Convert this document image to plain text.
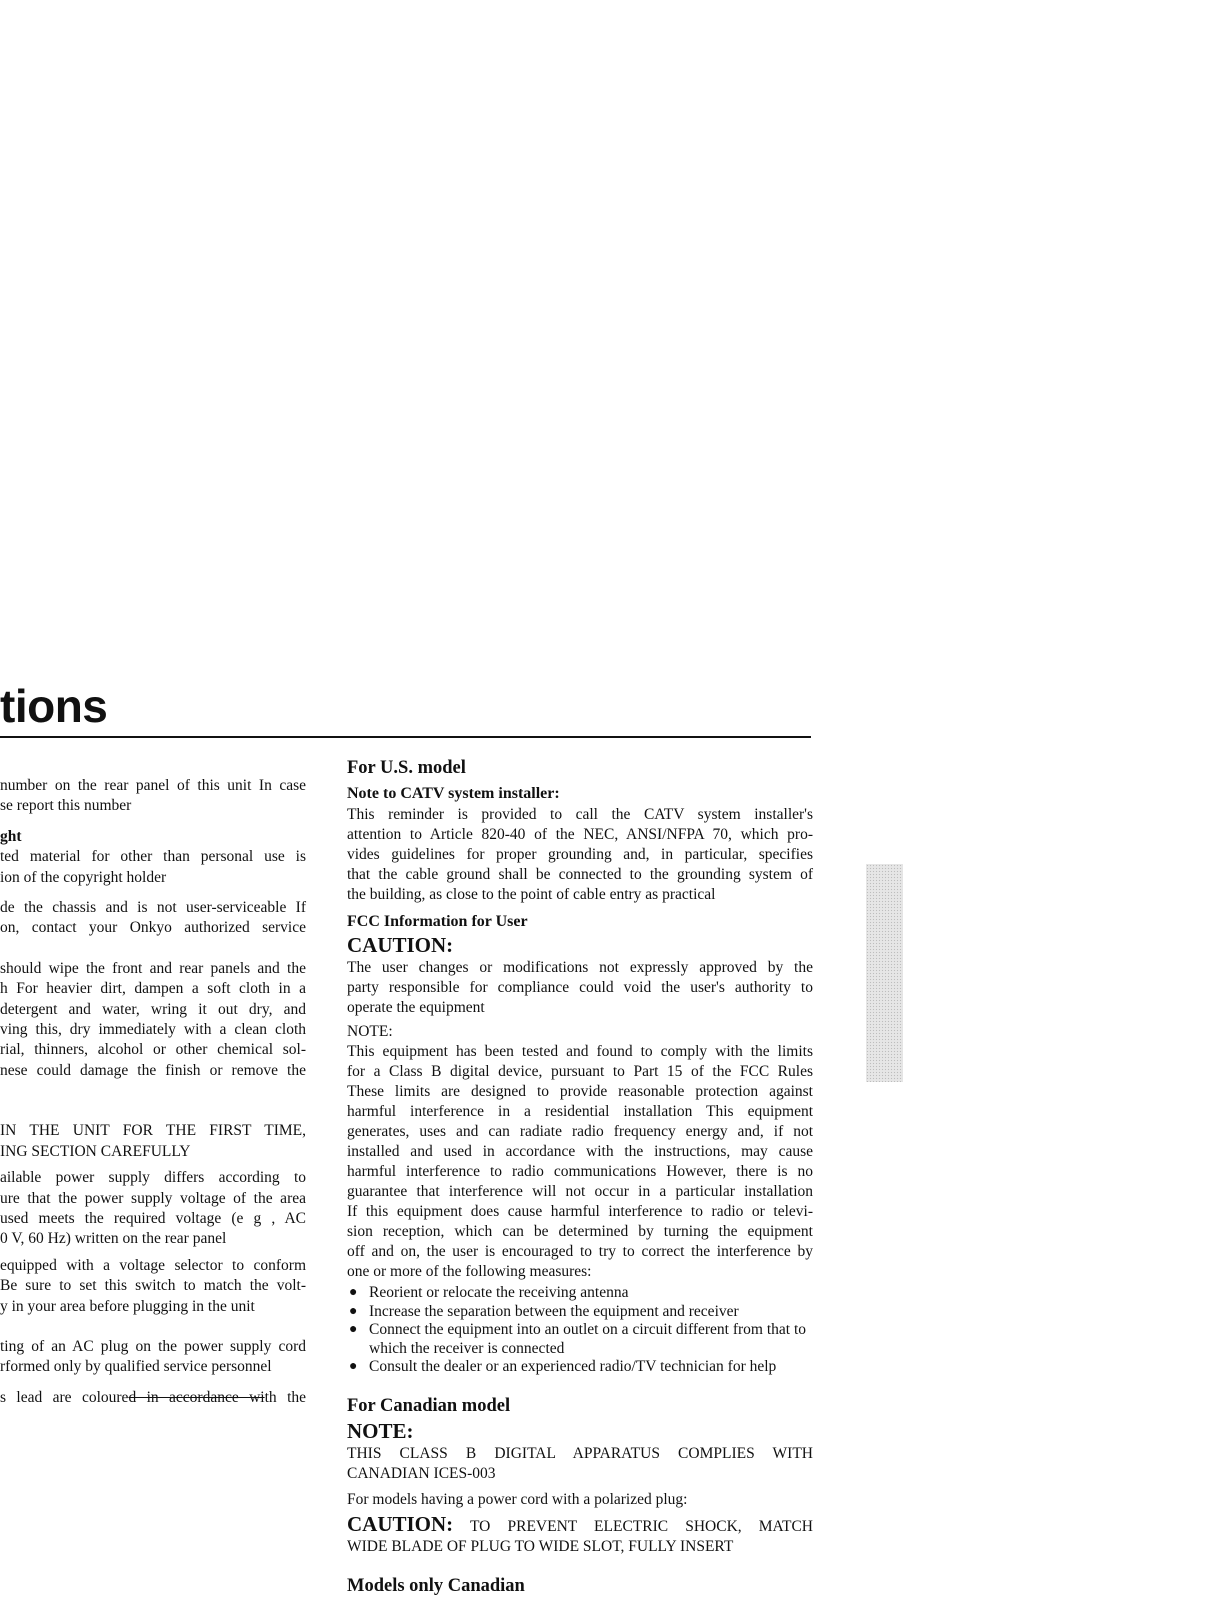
tions
number on the rear panel of this unit In case
se report this number
ght
ted material for other than personal use is
ion of the copyright holder
de the chassis and is not user-serviceable If
on, contact your Onkyo authorized service
should wipe the front and rear panels and the
h For heavier dirt, dampen a soft cloth in a
detergent and water, wring it out dry, and
ving this, dry immediately with a clean cloth
rial, thinners, alcohol or other chemical sol-
nese could damage the finish or remove the
IN THE UNIT FOR THE FIRST TIME,
ING SECTION CAREFULLY
ailable power supply differs according to
ure that the power supply voltage of the area
used meets the required voltage (e g , AC
0 V, 60 Hz) written on the rear panel
equipped with a voltage selector to conform
Be sure to set this switch to match the volt-
y in your area before plugging in the unit
ting of an AC plug on the power supply cord
rformed only by qualified service personnel
s lead are coloured in accordance with the
For U.S. model
Note to CATV system installer:
This reminder is provided to call the CATV system installer's
attention to Article 820-40 of the NEC, ANSI/NFPA 70, which pro-
vides guidelines for proper grounding and, in particular, specifies
that the cable ground shall be connected to the grounding system of
the building, as close to the point of cable entry as practical
FCC Information for User
CAUTION:
The user changes or modifications not expressly approved by the
party responsible for compliance could void the user's authority to
operate the equipment
NOTE:
This equipment has been tested and found to comply with the limits
for a Class B digital device, pursuant to Part 15 of the FCC Rules
These limits are designed to provide reasonable protection against
harmful interference in a residential installation This equipment
generates, uses and can radiate radio frequency energy and, if not
installed and used in accordance with the instructions, may cause
harmful interference to radio communications However, there is no
guarantee that interference will not occur in a particular installation
If this equipment does cause harmful interference to radio or televi-
sion reception, which can be determined by turning the equipment
off and on, the user is encouraged to try to correct the interference by
one or more of the following measures:
● Reorient or relocate the receiving antenna
● Increase the separation between the equipment and receiver
● Connect the equipment into an outlet on a circuit different from that to which the receiver is connected
● Consult the dealer or an experienced radio/TV technician for help
For Canadian model
NOTE:
THIS CLASS B DIGITAL APPARATUS COMPLIES WITH
CANADIAN ICES-003
For models having a power cord with a polarized plug:
CAUTION: TO PREVENT ELECTRIC SHOCK, MATCH
WIDE BLADE OF PLUG TO WIDE SLOT, FULLY INSERT
Models only Canadian
